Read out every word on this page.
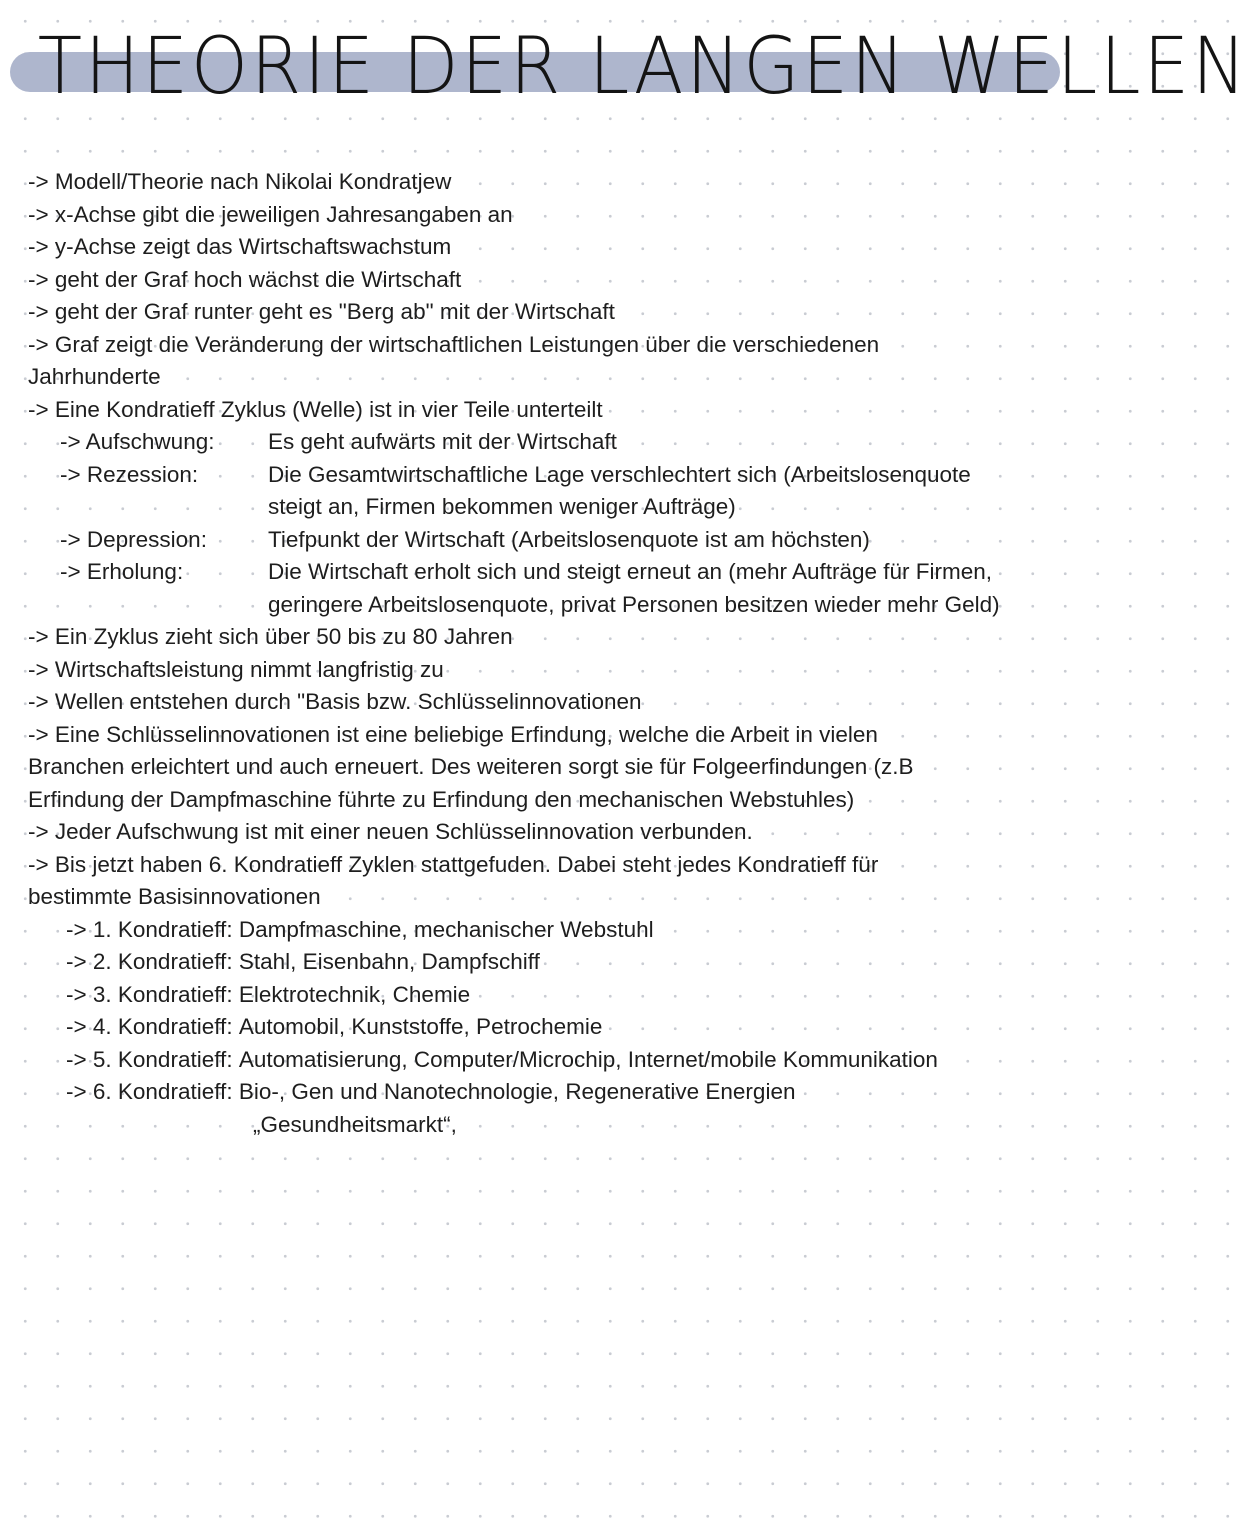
THEORIE DER LANGEN WELLEN
-> Modell/Theorie nach Nikolai Kondratjew
-> x-Achse gibt die jeweiligen Jahresangaben an
-> y-Achse zeigt das Wirtschaftswachstum
-> geht der Graf hoch wächst die Wirtschaft
-> geht der Graf runter geht es "Berg ab" mit der Wirtschaft
-> Graf zeigt die Veränderung der wirtschaftlichen Leistungen über die verschiedenen Jahrhunderte
-> Eine Kondratieff Zyklus (Welle) ist in vier Teile unterteilt
-> Aufschwung:	Es geht aufwärts mit der Wirtschaft
-> Rezession:	Die Gesamtwirtschaftliche Lage verschlechtert sich (Arbeitslosenquote steigt an, Firmen bekommen weniger Aufträge)
-> Depression:	Tiefpunkt der Wirtschaft (Arbeitslosenquote ist am höchsten)
-> Erholung:	Die Wirtschaft erholt sich und steigt erneut an (mehr Aufträge für Firmen, geringere Arbeitslosenquote, privat Personen besitzen wieder mehr Geld)
-> Ein Zyklus zieht sich über 50 bis zu 80 Jahren
-> Wirtschaftsleistung nimmt langfristig zu
-> Wellen entstehen durch "Basis bzw. Schlüsselinnovationen
-> Eine Schlüsselinnovationen ist eine beliebige Erfindung, welche die Arbeit in vielen Branchen erleichtert und auch erneuert. Des weiteren sorgt sie für Folgeerfindungen (z.B Erfindung der Dampfmaschine führte zu Erfindung den mechanischen Webstuhles)
-> Jeder Aufschwung ist mit einer neuen Schlüsselinnovation verbunden.
-> Bis jetzt haben 6. Kondratieff Zyklen stattgefuden. Dabei steht jedes Kondratieff für bestimmte Basisinnovationen
-> 1. Kondratieff:
Dampfmaschine, mechanischer Webstuhl
-> 2. Kondratieff:
Stahl, Eisenbahn, Dampfschiff
-> 3. Kondratieff:
Elektrotechnik, Chemie
-> 4. Kondratieff:
Automobil, Kunststoffe, Petrochemie
-> 5. Kondratieff:
Automatisierung, Computer/Microchip, Internet/mobile Kommunikation
-> 6. Kondratieff:
Bio-, Gen und Nanotechnologie, Regenerative Energien
„Gesundheitsmarkt“,
